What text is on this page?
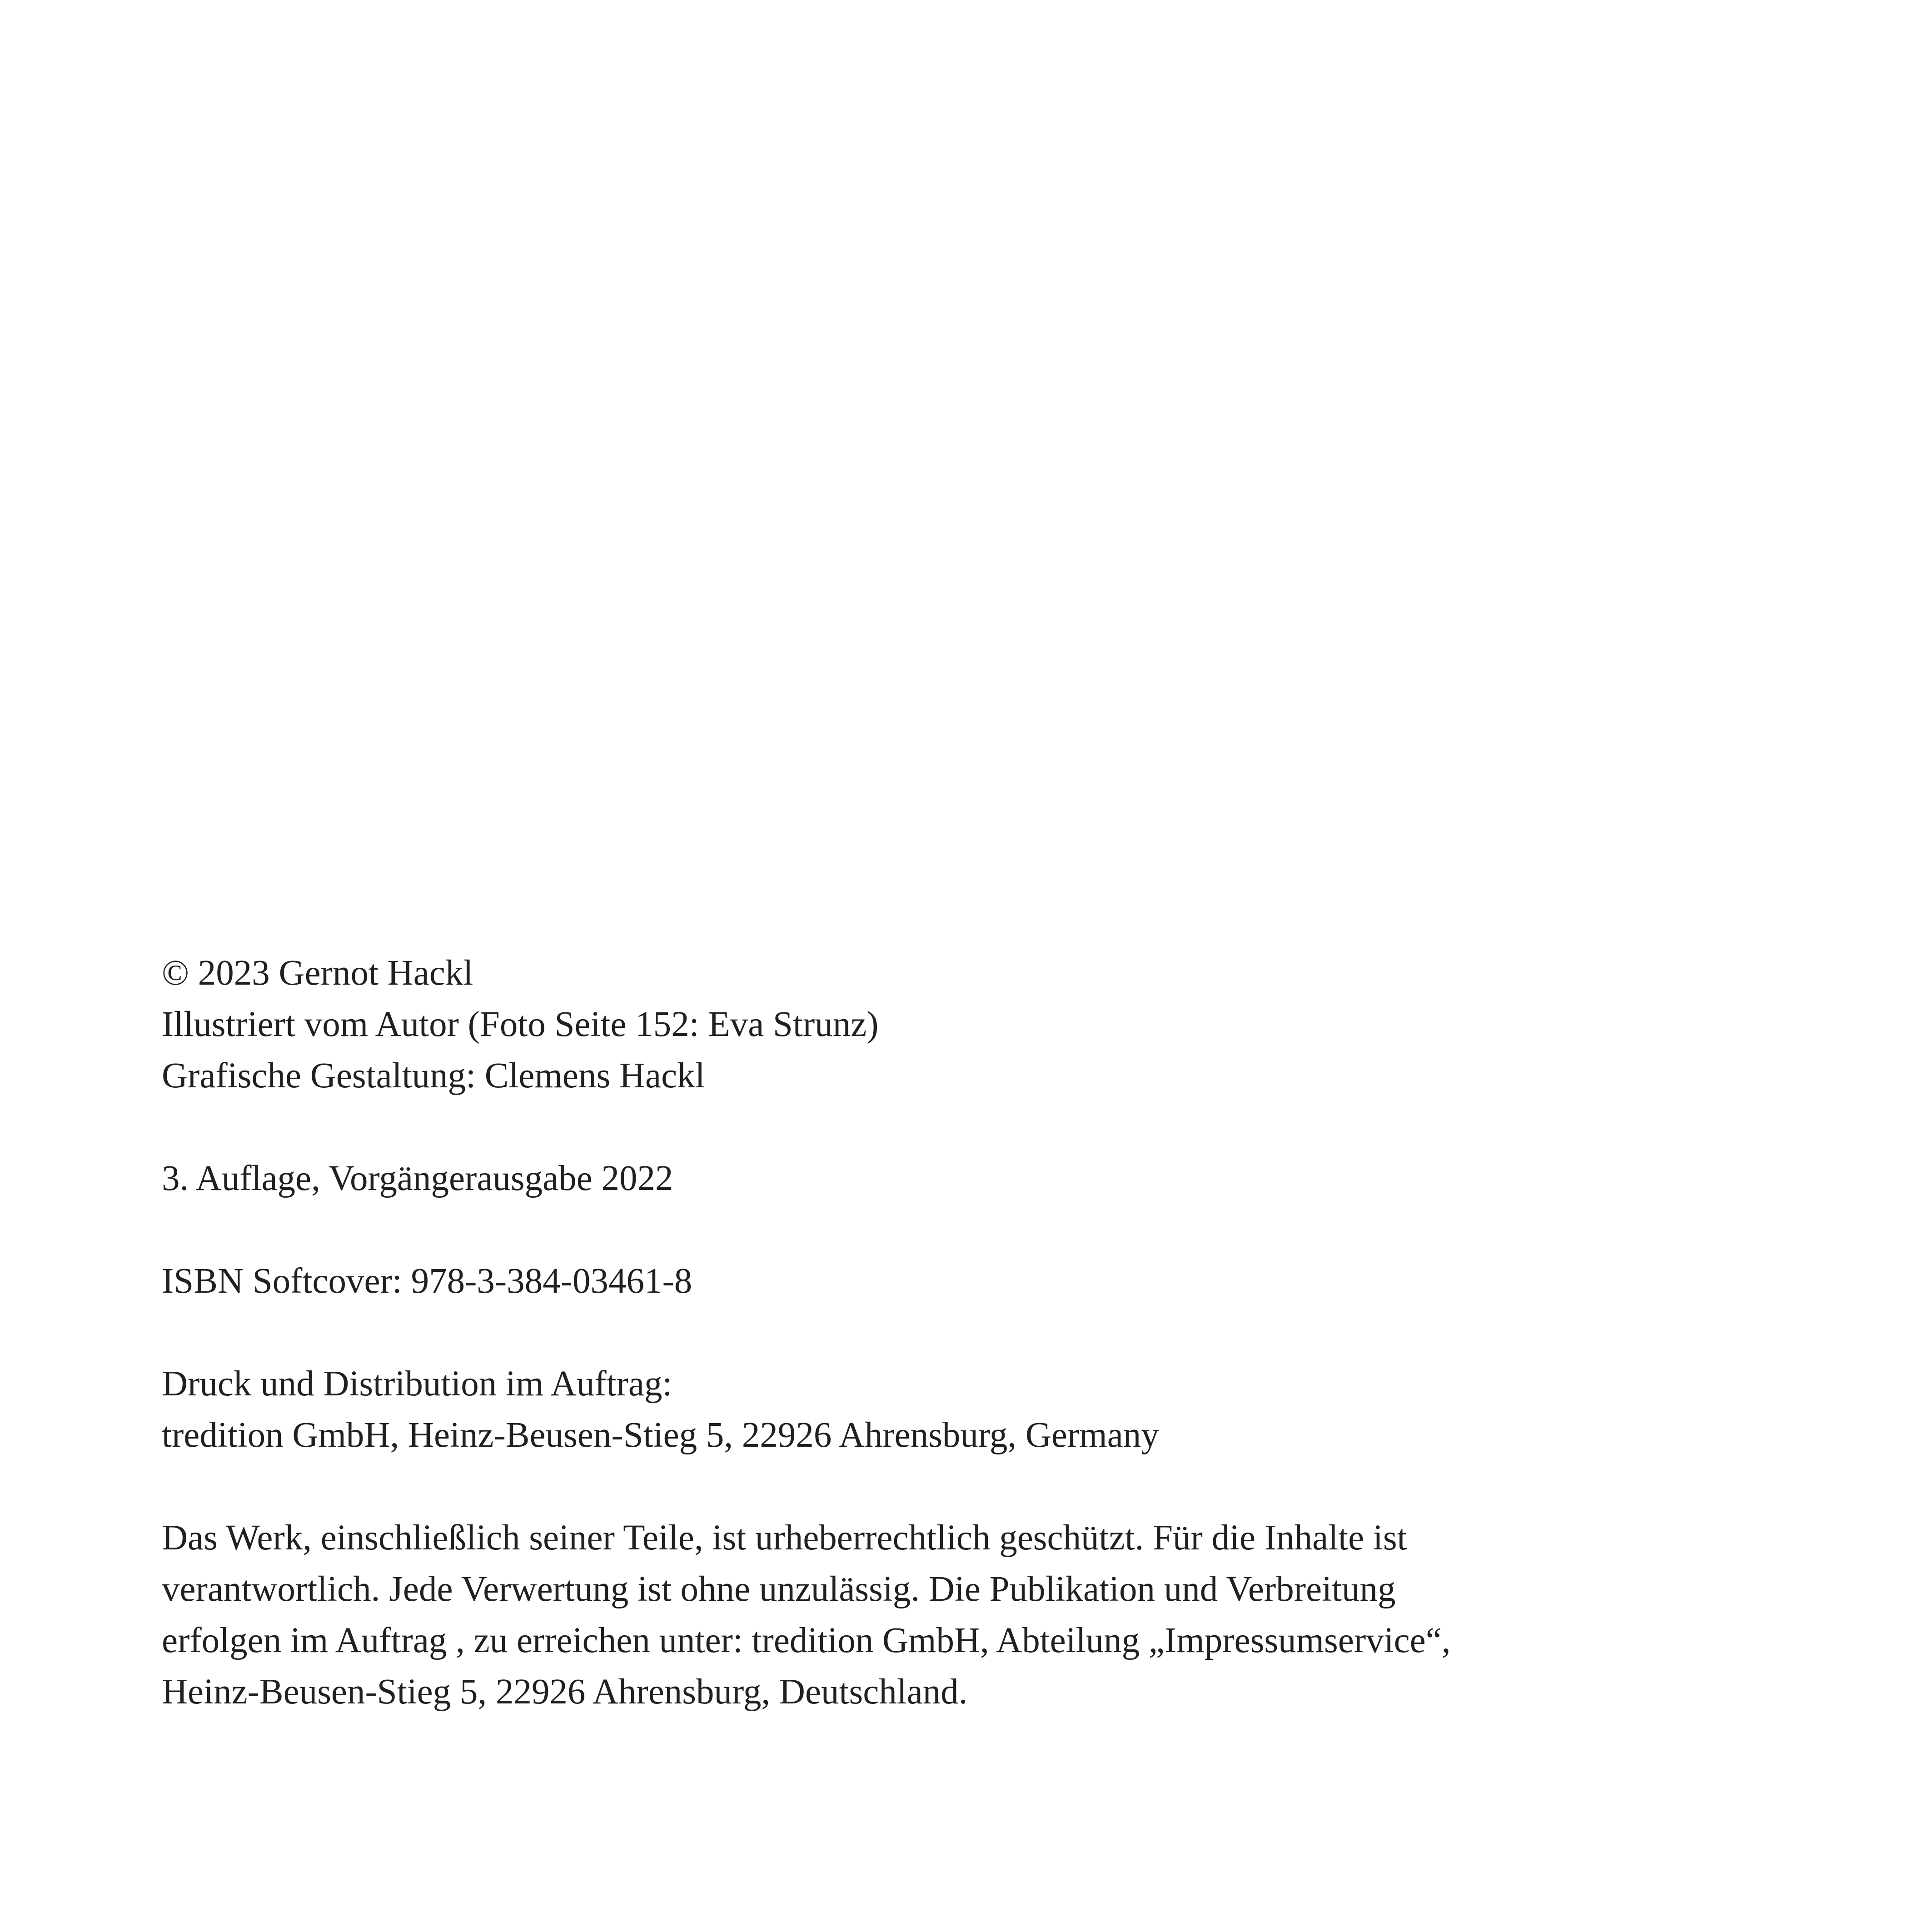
© 2023 Gernot Hackl
Illustriert vom Autor (Foto Seite 152: Eva Strunz)
Grafische Gestaltung: Clemens Hackl
3. Auflage, Vorgängerausgabe 2022
ISBN Softcover: 978-3-384-03461-8
Druck und Distribution im Auftrag:
tredition GmbH, Heinz-Beusen-Stieg 5, 22926 Ahrensburg, Germany
Das Werk, einschließlich seiner Teile, ist urheberrechtlich geschützt. Für die Inhalte ist
verantwortlich. Jede Verwertung ist ohne unzulässig. Die Publikation und Verbreitung
erfolgen im Auftrag , zu erreichen unter: tredition GmbH, Abteilung „Impressumservice“,
Heinz-Beusen-Stieg 5, 22926 Ahrensburg, Deutschland.
